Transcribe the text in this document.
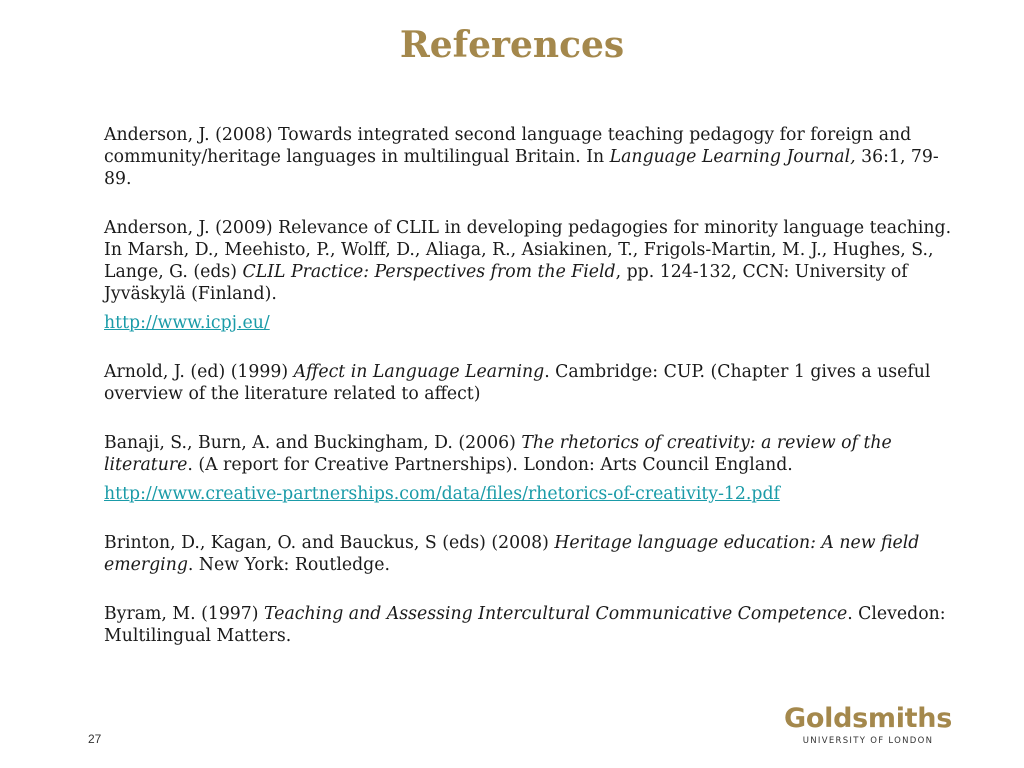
References

Anderson, J. (2008) Towards integrated second language teaching pedagogy for foreign and community/heritage languages in multilingual Britain. In Language Learning Journal, 36:1, 79-89.

Anderson, J. (2009) Relevance of CLIL in developing pedagogies for minority language teaching. In Marsh, D., Meehisto, P., Wolff, D., Aliaga, R., Asiakinen, T., Frigols-Martin, M. J., Hughes, S., Lange, G. (eds) CLIL Practice: Perspectives from the Field, pp. 124-132, CCN: University of Jyväskylä (Finland).

http://www.icpj.eu/

Arnold, J. (ed) (1999) Affect in Language Learning. Cambridge: CUP. (Chapter 1 gives a useful overview of the literature related to affect)

Banaji, S., Burn, A. and Buckingham, D. (2006) The rhetorics of creativity: a review of the literature. (A report for Creative Partnerships). London: Arts Council England.

http://www.creative-partnerships.com/data/files/rhetorics-of-creativity-12.pdf

Brinton, D., Kagan, O. and Bauckus, S (eds) (2008) Heritage language education: A new field emerging. New York: Routledge.

Byram, M. (1997) Teaching and Assessing Intercultural Communicative Competence. Clevedon: Multilingual Matters.

27
Goldsmiths
UNIVERSITY OF LONDON
